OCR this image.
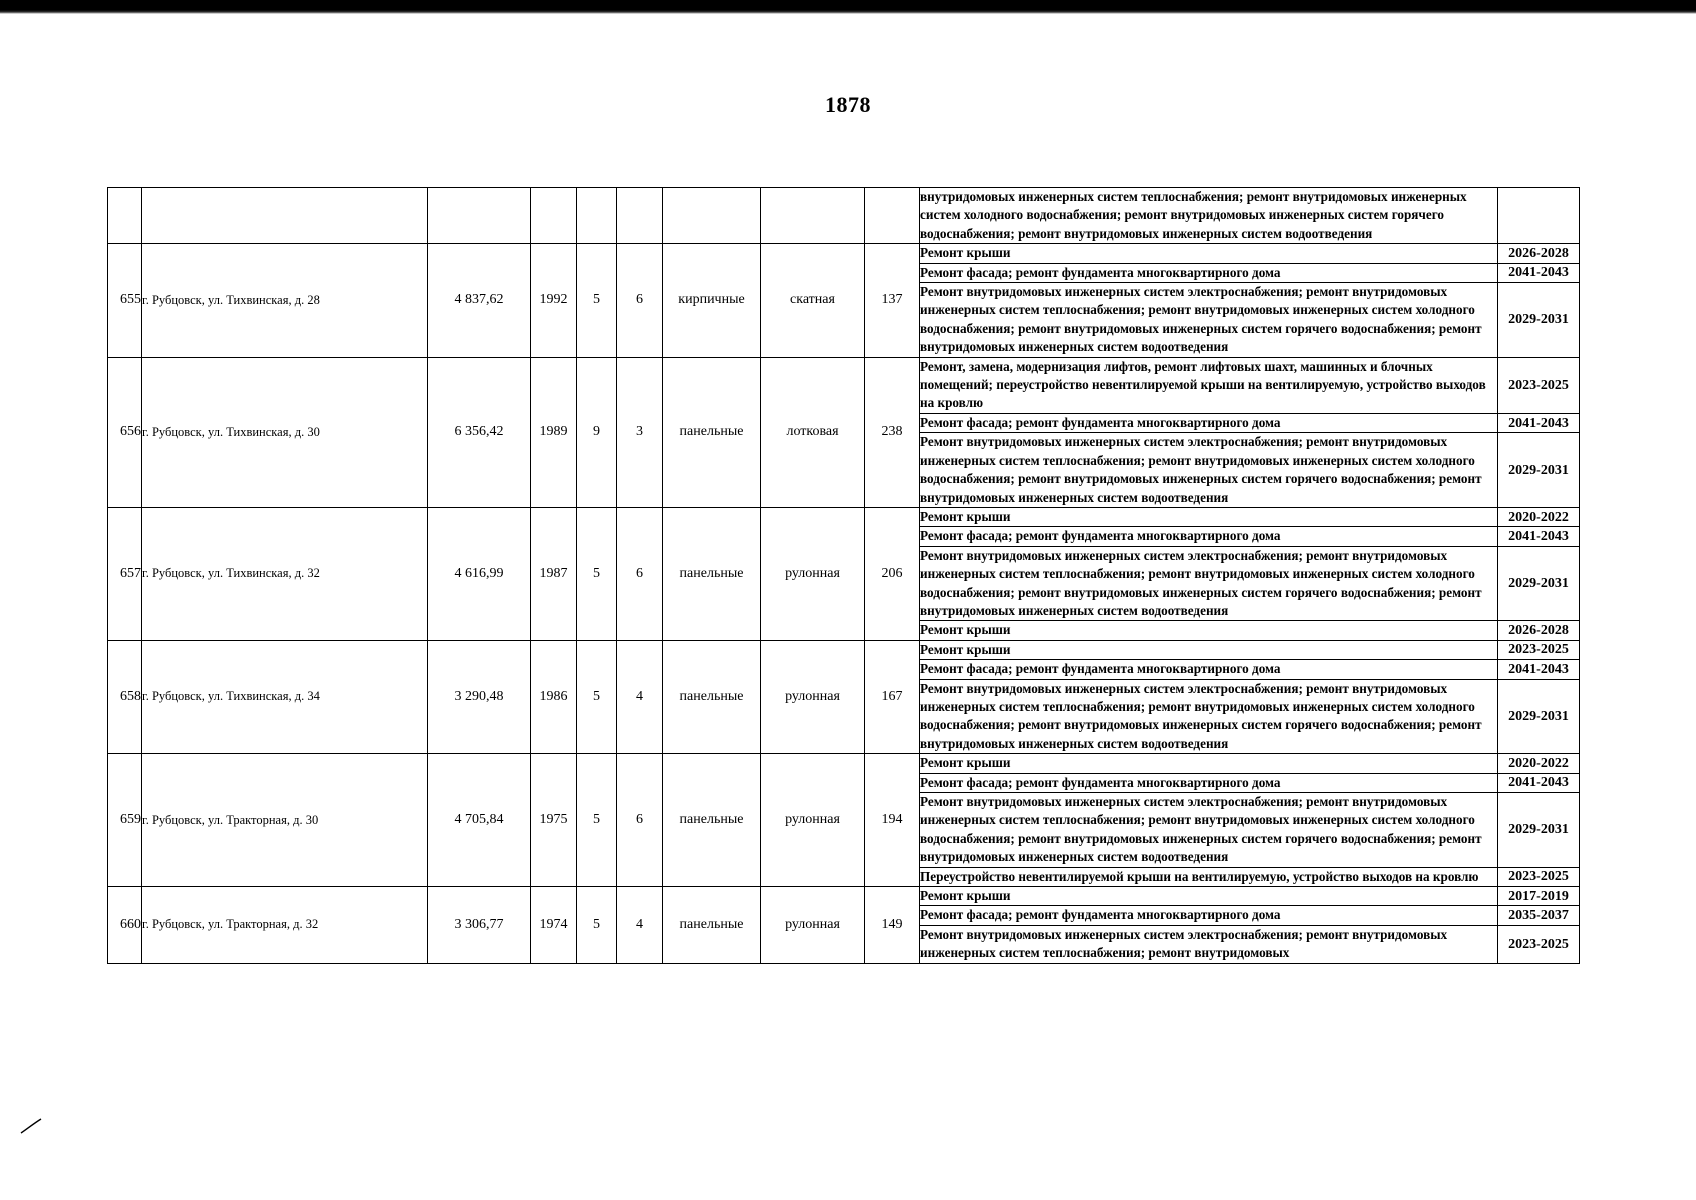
1878
									внутридомовых инженерных систем теплоснабжения; ремонт внутридомовых инженерных систем холодного водоснабжения; ремонт внутридомовых инженерных систем горячего водоснабжения; ремонт внутридомовых инженерных систем водоотведения	
655	г. Рубцовск, ул. Тихвинская, д. 28	4 837,62	1992	5	6	кирпичные	скатная	137	Ремонт крыши	2026-2028
									Ремонт фасада; ремонт фундамента многоквартирного дома	2041-2043
									Ремонт внутридомовых инженерных систем электроснабжения; ремонт внутридомовых инженерных систем теплоснабжения; ремонт внутридомовых инженерных систем холодного водоснабжения; ремонт внутридомовых инженерных систем горячего водоснабжения; ремонт внутридомовых инженерных систем водоотведения	2029-2031
656	г. Рубцовск, ул. Тихвинская, д. 30	6 356,42	1989	9	3	панельные	лотковая	238	Ремонт, замена, модернизация лифтов, ремонт лифтовых шахт, машинных и блочных помещений; переустройство невентилируемой крыши на вентилируемую, устройство выходов на кровлю	2023-2025
									Ремонт фасада; ремонт фундамента многоквартирного дома	2041-2043
									Ремонт внутридомовых инженерных систем электроснабжения; ремонт внутридомовых инженерных систем теплоснабжения; ремонт внутридомовых инженерных систем холодного водоснабжения; ремонт внутридомовых инженерных систем горячего водоснабжения; ремонт внутридомовых инженерных систем водоотведения	2029-2031
657	г. Рубцовск, ул. Тихвинская, д. 32	4 616,99	1987	5	6	панельные	рулонная	206	Ремонт крыши	2020-2022
									Ремонт фасада; ремонт фундамента многоквартирного дома	2041-2043
									Ремонт внутридомовых инженерных систем электроснабжения; ремонт внутридомовых инженерных систем теплоснабжения; ремонт внутридомовых инженерных систем холодного водоснабжения; ремонт внутридомовых инженерных систем горячего водоснабжения; ремонт внутридомовых инженерных систем водоотведения	2029-2031
									Ремонт крыши	2026-2028
658	г. Рубцовск, ул. Тихвинская, д. 34	3 290,48	1986	5	4	панельные	рулонная	167	Ремонт крыши	2023-2025
									Ремонт фасада; ремонт фундамента многоквартирного дома	2041-2043
									Ремонт внутридомовых инженерных систем электроснабжения; ремонт внутридомовых инженерных систем теплоснабжения; ремонт внутридомовых инженерных систем холодного водоснабжения; ремонт внутридомовых инженерных систем горячего водоснабжения; ремонт внутридомовых инженерных систем водоотведения	2029-2031
659	г. Рубцовск, ул. Тракторная, д. 30	4 705,84	1975	5	6	панельные	рулонная	194	Ремонт крыши	2020-2022
									Ремонт фасада; ремонт фундамента многоквартирного дома	2041-2043
									Ремонт внутридомовых инженерных систем электроснабжения; ремонт внутридомовых инженерных систем теплоснабжения; ремонт внутридомовых инженерных систем холодного водоснабжения; ремонт внутридомовых инженерных систем горячего водоснабжения; ремонт внутридомовых инженерных систем водоотведения	2029-2031
									Переустройство невентилируемой крыши на вентилируемую, устройство выходов на кровлю	2023-2025
660	г. Рубцовск, ул. Тракторная, д. 32	3 306,77	1974	5	4	панельные	рулонная	149	Ремонт крыши	2017-2019
									Ремонт фасада; ремонт фундамента многоквартирного дома	2035-2037
									Ремонт внутридомовых инженерных систем электроснабжения; ремонт внутридомовых инженерных систем теплоснабжения; ремонт внутридомовых	2023-2025
